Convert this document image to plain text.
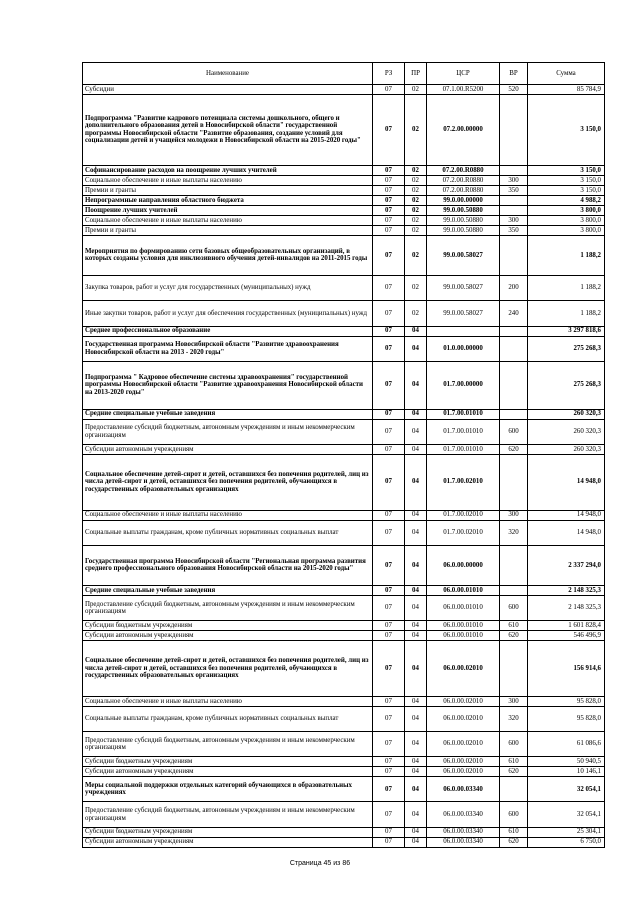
Наименование	РЗ	ПР	ЦСР	ВР	Сумма
Субсидии	07	02	07.1.00.R5200	520	85 784,9
Подпрограмма "Развитие кадрового потенциала системы дошкольного, общего и дополнительного образования детей в Новосибирской области" государственной программы Новосибирской области "Развитие образования, создание условий для социализации детей и учащейся молодежи в Новосибирской области на 2015-2020 годы"	07	02	07.2.00.00000		3 150,0
Софинансирование расходов на поощрение лучших учителей	07	02	07.2.00.R0880		3 150,0
Социальное обеспечение и иные выплаты населению	07	02	07.2.00.R0880	300	3 150,0
Премии и гранты	07	02	07.2.00.R0880	350	3 150,0
Непрограммные направления областного бюджета	07	02	99.0.00.00000		4 988,2
Поощрение лучших учителей	07	02	99.0.00.50880		3 800,0
Социальное обеспечение и иные выплаты населению	07	02	99.0.00.50880	300	3 800,0
Премии и гранты	07	02	99.0.00.50880	350	3 800,0
Мероприятия по формированию сети базовых общеобразовательных организаций, в которых созданы условия для инклюзивного обучения детей-инвалидов на 2011-2015 годы	07	02	99.0.00.58027		1 188,2
Закупка товаров, работ и услуг для государственных (муниципальных) нужд	07	02	99.0.00.58027	200	1 188,2
Иные закупки товаров, работ и услуг для обеспечения государственных (муниципальных) нужд	07	02	99.0.00.58027	240	1 188,2
Среднее профессиональное образование	07	04			3 297 818,6
Государственная программа Новосибирской области "Развитие здравоохранения Новосибирской области на 2013 - 2020 годы"	07	04	01.0.00.00000		275 268,3
Подпрограмма " Кадровое обеспечение системы здравоохранения" государственной программы Новосибирской области "Развитие здравоохранения Новосибирской области на 2013-2020 годы"	07	04	01.7.00.00000		275 268,3
Средние специальные учебные заведения	07	04	01.7.00.01010		260 320,3
Предоставление субсидий бюджетным, автономным учреждениям и иным некоммерческим организациям	07	04	01.7.00.01010	600	260 320,3
Субсидии автономным учреждениям	07	04	01.7.00.01010	620	260 320,3
Социальное обеспечение детей-сирот и детей, оставшихся без попечения родителей, лиц из числа детей-сирот и детей, оставшихся без попечения родителей, обучающихся в государственных образовательных организациях	07	04	01.7.00.02010		14 948,0
Социальное обеспечение и иные выплаты населению	07	04	01.7.00.02010	300	14 948,0
Социальные выплаты гражданам, кроме публичных нормативных социальных выплат	07	04	01.7.00.02010	320	14 948,0
Государственная программа Новосибирской области "Региональная программа развития среднего профессионального образования Новосибирской области на 2015-2020 годы"	07	04	06.0.00.00000		2 337 294,0
Средние специальные учебные заведения	07	04	06.0.00.01010		2 148 325,3
Предоставление субсидий бюджетным, автономным учреждениям и иным некоммерческим организациям	07	04	06.0.00.01010	600	2 148 325,3
Субсидии бюджетным учреждениям	07	04	06.0.00.01010	610	1 601 828,4
Субсидии автономным учреждениям	07	04	06.0.00.01010	620	546 496,9
Социальное обеспечение детей-сирот и детей, оставшихся без попечения родителей, лиц из числа детей-сирот и детей, оставшихся без попечения родителей, обучающихся в государственных образовательных организациях	07	04	06.0.00.02010		156 914,6
Социальное обеспечение и иные выплаты населению	07	04	06.0.00.02010	300	95 828,0
Социальные выплаты гражданам, кроме публичных нормативных социальных выплат	07	04	06.0.00.02010	320	95 828,0
Предоставление субсидий бюджетным, автономным учреждениям и иным некоммерческим организациям	07	04	06.0.00.02010	600	61 086,6
Субсидии бюджетным учреждениям	07	04	06.0.00.02010	610	50 940,5
Субсидии автономным учреждениям	07	04	06.0.00.02010	620	10 146,1
Меры социальной поддержки отдельных категорий обучающихся в образовательных учреждениях	07	04	06.0.00.03340		32 054,1
Предоставление субсидий бюджетным, автономным учреждениям и иным некоммерческим организациям	07	04	06.0.00.03340	600	32 054,1
Субсидии бюджетным учреждениям	07	04	06.0.00.03340	610	25 304,1
Субсидии автономным учреждениям	07	04	06.0.00.03340	620	6 750,0
Страница 45 из 86
